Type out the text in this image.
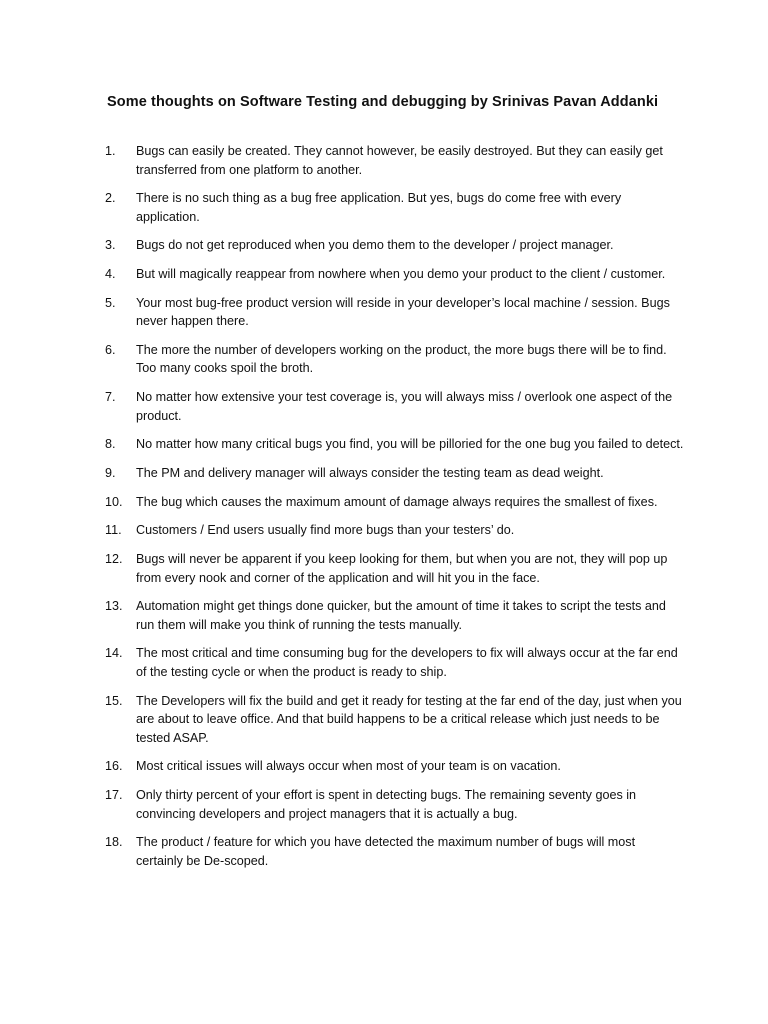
Some thoughts on Software Testing and debugging by Srinivas Pavan Addanki
1.	Bugs can easily be created. They cannot however, be easily destroyed. But they can easily get transferred from one platform to another.
2.	There is no such thing as a bug free application. But yes, bugs do come free with every application.
3.	Bugs do not get reproduced when you demo them to the developer / project manager.
4.	But will magically reappear from nowhere when you demo your product to the client / customer.
5.	Your most bug-free product version will reside in your developer’s local machine / session. Bugs never happen there.
6.	The more the number of developers working on the product, the more bugs there will be to find. Too many cooks spoil the broth.
7.	No matter how extensive your test coverage is, you will always miss / overlook one aspect of the product.
8.	No matter how many critical bugs you find, you will be pilloried for the one bug you failed to detect.
9.	The PM and delivery manager will always consider the testing team as dead weight.
10.	The bug which causes the maximum amount of damage always requires the smallest of fixes.
11.	Customers / End users usually find more bugs than your testers’ do.
12.	Bugs will never be apparent if you keep looking for them, but when you are not, they will pop up from every nook and corner of the application and will hit you in the face.
13.	Automation might get things done quicker, but the amount of time it takes to script the tests and run them will make you think of running the tests manually.
14.	The most critical and time consuming bug for the developers to fix will always occur at the far end of the testing cycle or when the product is ready to ship.
15.	The Developers will fix the build and get it ready for testing at the far end of the day, just when you are about to leave office. And that build happens to be a critical release which just needs to be tested ASAP.
16.	Most critical issues will always occur when most of your team is on vacation.
17.	Only thirty percent of your effort is spent in detecting bugs. The remaining seventy goes in convincing developers and project managers that it is actually a bug.
18.	The product / feature for which you have detected the maximum number of bugs will most certainly be De-scoped.
